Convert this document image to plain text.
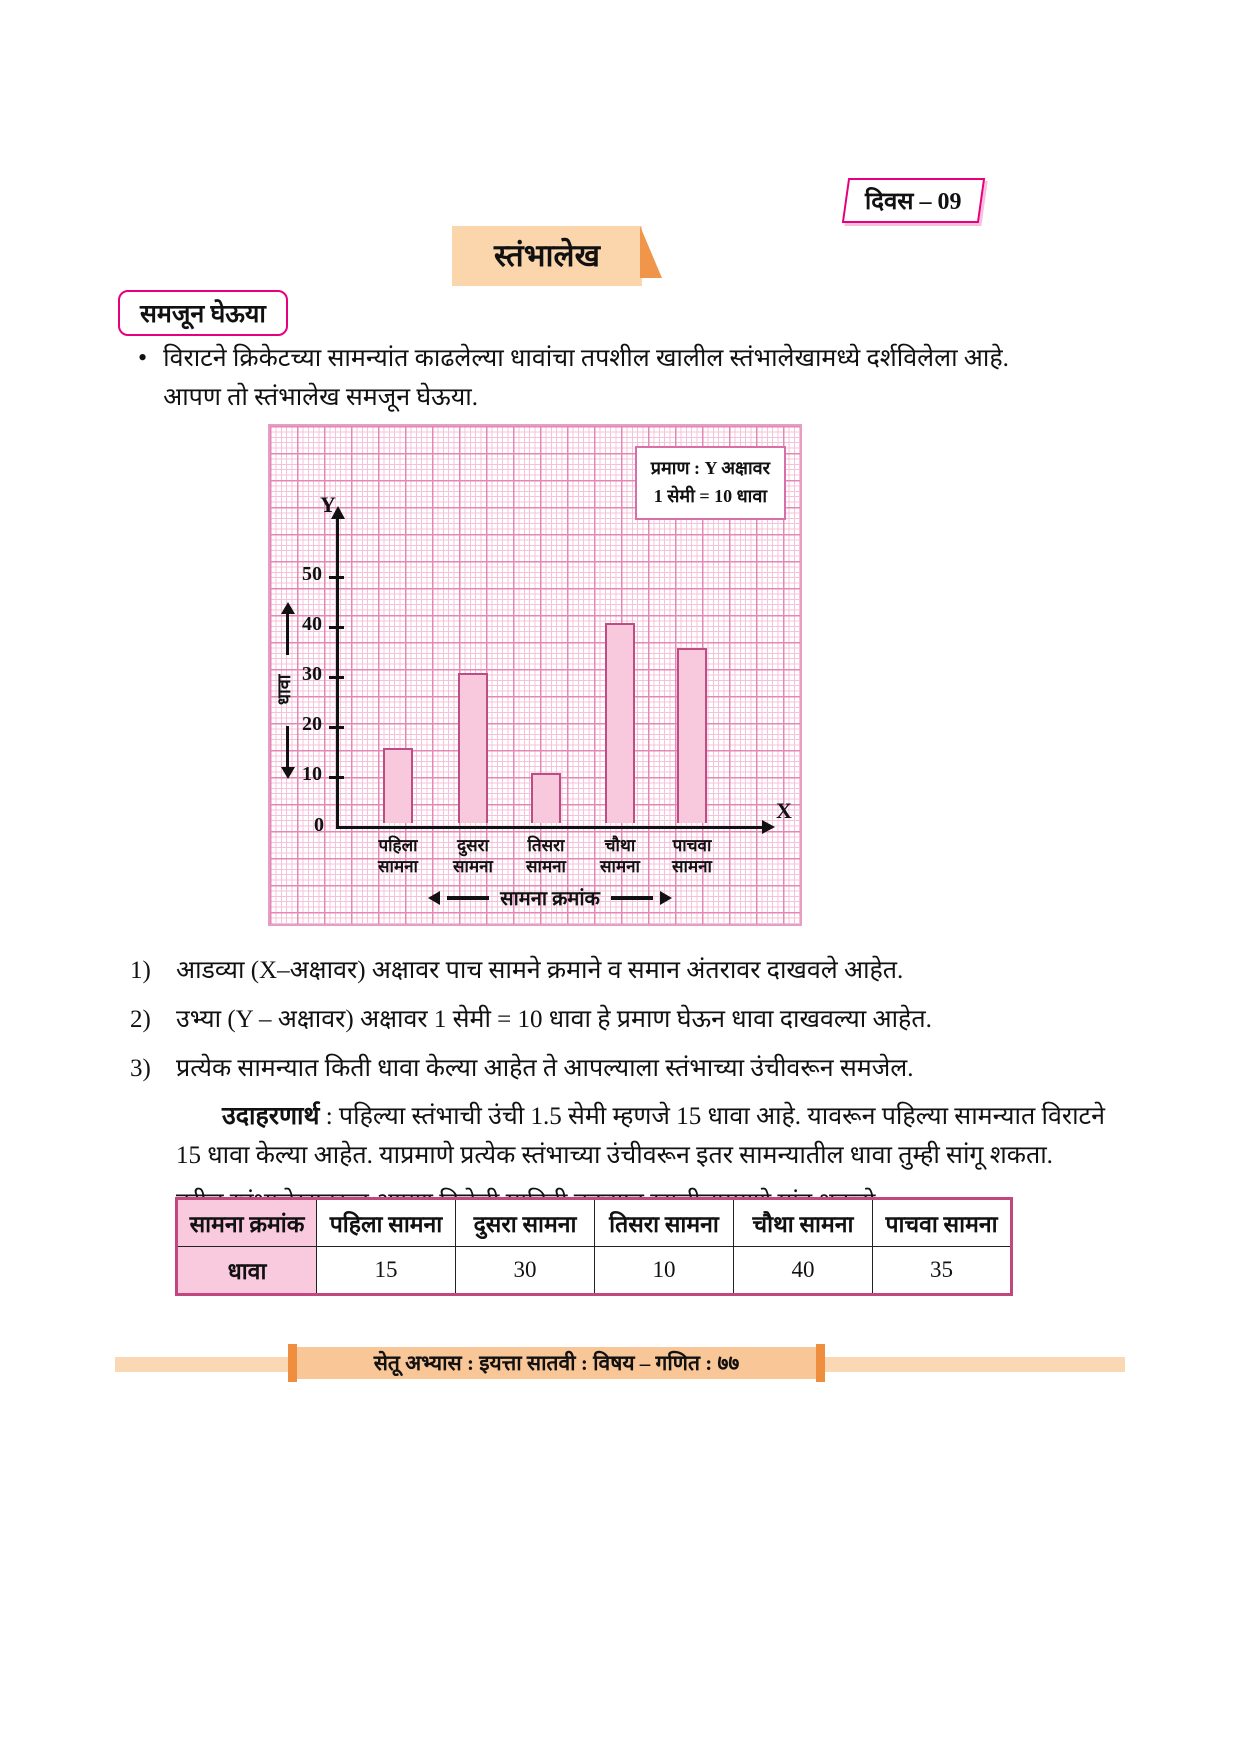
दिवस – 09
स्तंभालेख
समजून घेऊया
• विराटने क्रिकेटच्या सामन्यांत काढलेल्या धावांचा तपशील खालील स्तंभालेखामध्ये दर्शविलेला आहे. आपण तो स्तंभालेख समजून घेऊया.
प्रमाण : Y अक्षावर
1 सेमी = 10 धावा
Y
X
0
50
40
30
20
10
पहिला
सामना
दुसरा
सामना
तिसरा
सामना
चौथा
सामना
पाचवा
सामना
सामना क्रमांक
धावा
1)	आडव्या (X–अक्षावर) अक्षावर पाच सामने क्रमाने व समान अंतरावर दाखवले आहेत.
2)	उभ्या (Y – अक्षावर) अक्षावर 1 सेमी = 10 धावा हे प्रमाण घेऊन धावा दाखवल्या आहेत.
3)	प्रत्येक सामन्यात किती धावा केल्या आहेत ते आपल्याला स्तंभाच्या उंचीवरून समजेल.

उदाहरणार्थ : पहिल्या स्तंभाची उंची 1.5 सेमी म्हणजे 15 धावा आहे. यावरून पहिल्या सामन्यात विराटने 15 धावा केल्या आहेत. याप्रमाणे प्रत्येक स्तंभाच्या उंचीवरून इतर सामन्यातील धावा तुम्ही सांगू शकता.

सामना क्रमांक	पहिला सामना	दुसरा सामना	तिसरा सामना	चौथा सामना	पाचवा सामना
धावा	15	30	10	40	35
सेतू अभ्यास : इयत्ता सातवी : विषय – गणित : ७७
